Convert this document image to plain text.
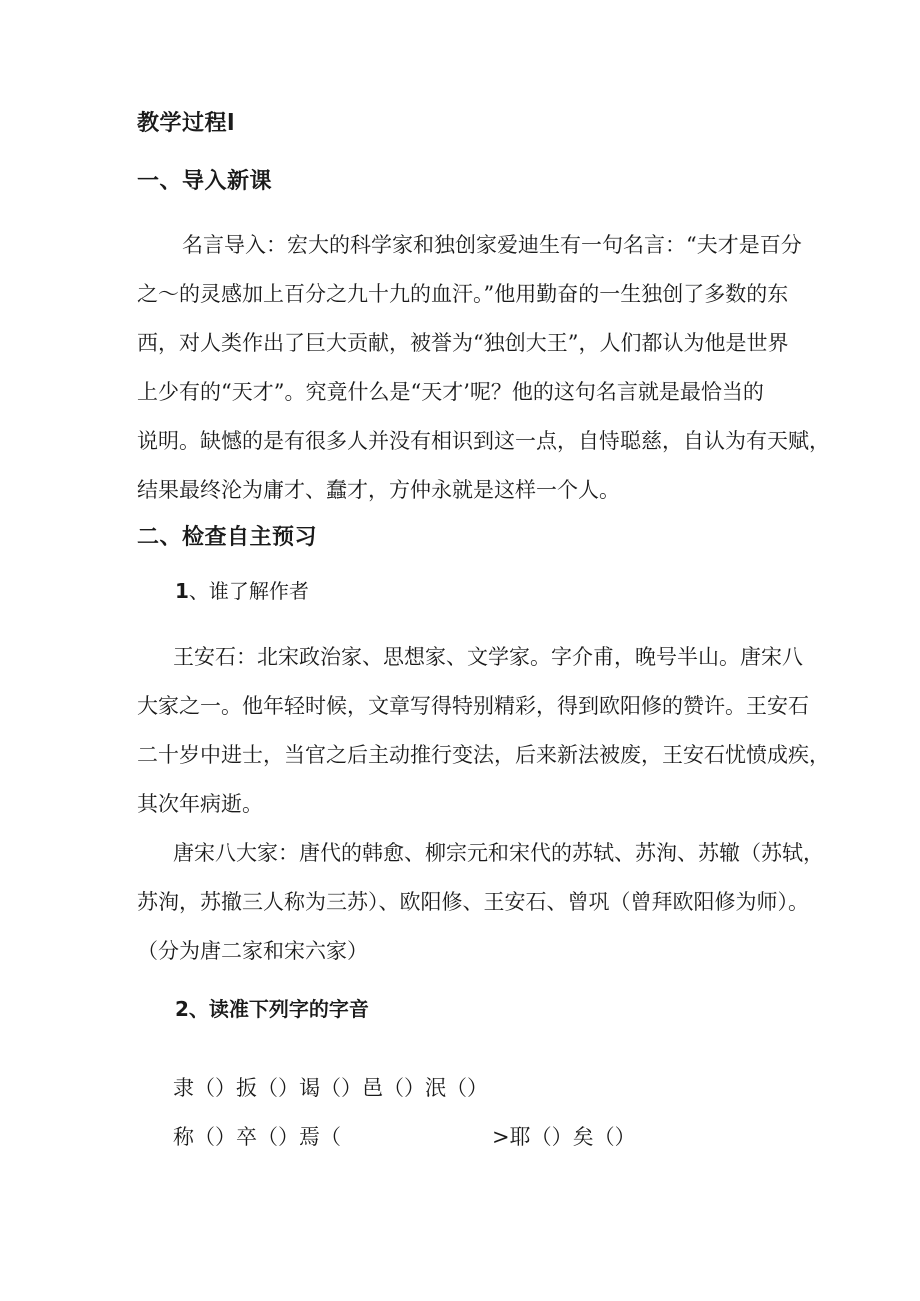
教学过程l
一、导入新课
名言导入：宏大的科学家和独创家爱迪生有一句名言：“夫才是百分
之～的灵感加上百分之九十九的血汗。”他用勤奋的一生独创了多数的东
西，对人类作出了巨大贡献，被誉为“独创大王”，人们都认为他是世界
上少有的“天才”。究竟什么是“天才’呢？他的这句名言就是最恰当的
说明。缺憾的是有很多人并没有相识到这一点，自恃聪慈，自认为有天赋，
结果最终沦为庸才、蠢才，方仲永就是这样一个人。
二、检查自主预习
1、谁了解作者
王安石：北宋政治家、思想家、文学家。字介甫，晚号半山。唐宋八
大家之一。他年轻时候，文章写得特别精彩，得到欧阳修的赞许。王安石
二十岁中进士，当官之后主动推行变法，后来新法被废，王安石忧愤成疾，
其次年病逝。
唐宋八大家：唐代的韩愈、柳宗元和宋代的苏轼、苏洵、苏辙（苏轼，
苏洵，苏撤三人称为三苏）、欧阳修、王安石、曾巩（曾拜欧阳修为师）。
（分为唐二家和宋六家）
2、读准下列字的字音
隶（）扳（）谒（）邑（）泯（）
称（）卒（）焉（	>耶（）矣（）
